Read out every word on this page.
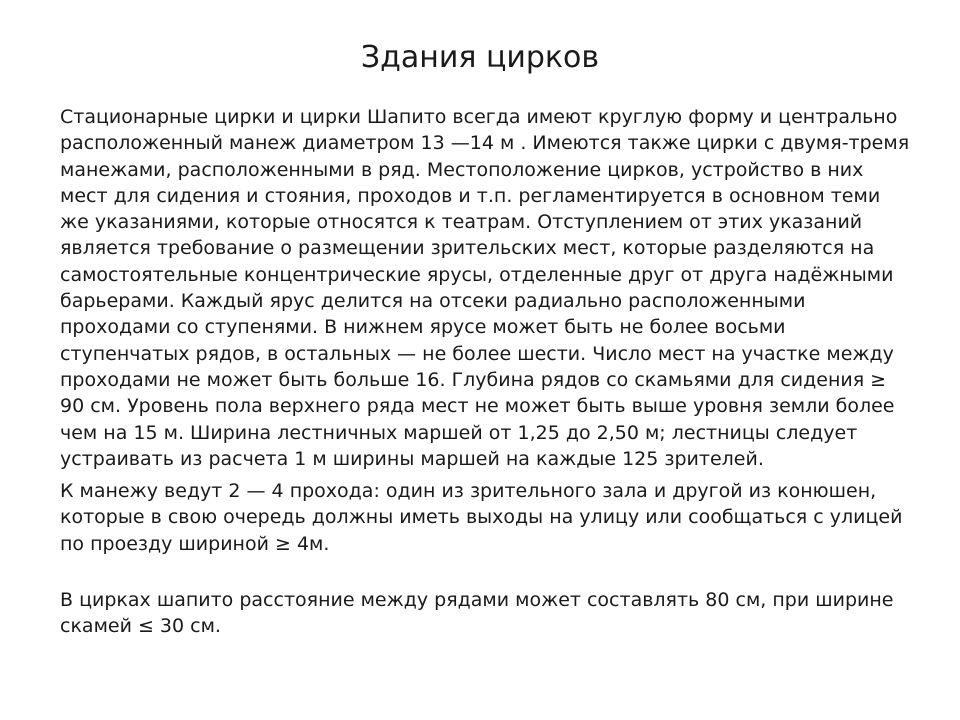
Здания цирков

Стационарные цирки и цирки Шапито всегда имеют круглую форму и центрально расположенный манеж диаметром 13 —14 м . Имеются также цирки с двумя-тремя манежами, расположенными в ряд. Местоположение цирков, устройство в них мест для сидения и стояния, проходов и т.п. регламентируется в основном теми же указаниями, которые относятся к театрам. Отступлением от этих указаний является требование о размещении зрительских мест, которые разделяются на самостоятельные концентрические ярусы, отделенные друг от друга надёжными барьерами. Каждый ярус делится на отсеки радиально расположенными проходами со ступенями. В нижнем ярусе может быть не более восьми ступенчатых рядов, в остальных — не более шести. Число мест на участке между проходами не может быть больше 16. Глубина рядов со скамьями для сидения ≥ 90 см. Уровень пола верхнего ряда мест не может быть выше уровня земли более чем на 15 м. Ширина лестничных маршей от 1,25 до 2,50 м; лестницы следует устраивать из расчета 1 м ширины маршей на каждые 125 зрителей.

К манежу ведут 2 — 4 прохода: один из зрительного зала и другой из конюшен, которые в свою очередь должны иметь выходы на улицу или сообщаться с улицей по проезду шириной ≥ 4м.

В цирках шапито расстояние между рядами может составлять 80 см, при ширине скамей ≤ 30 см.
